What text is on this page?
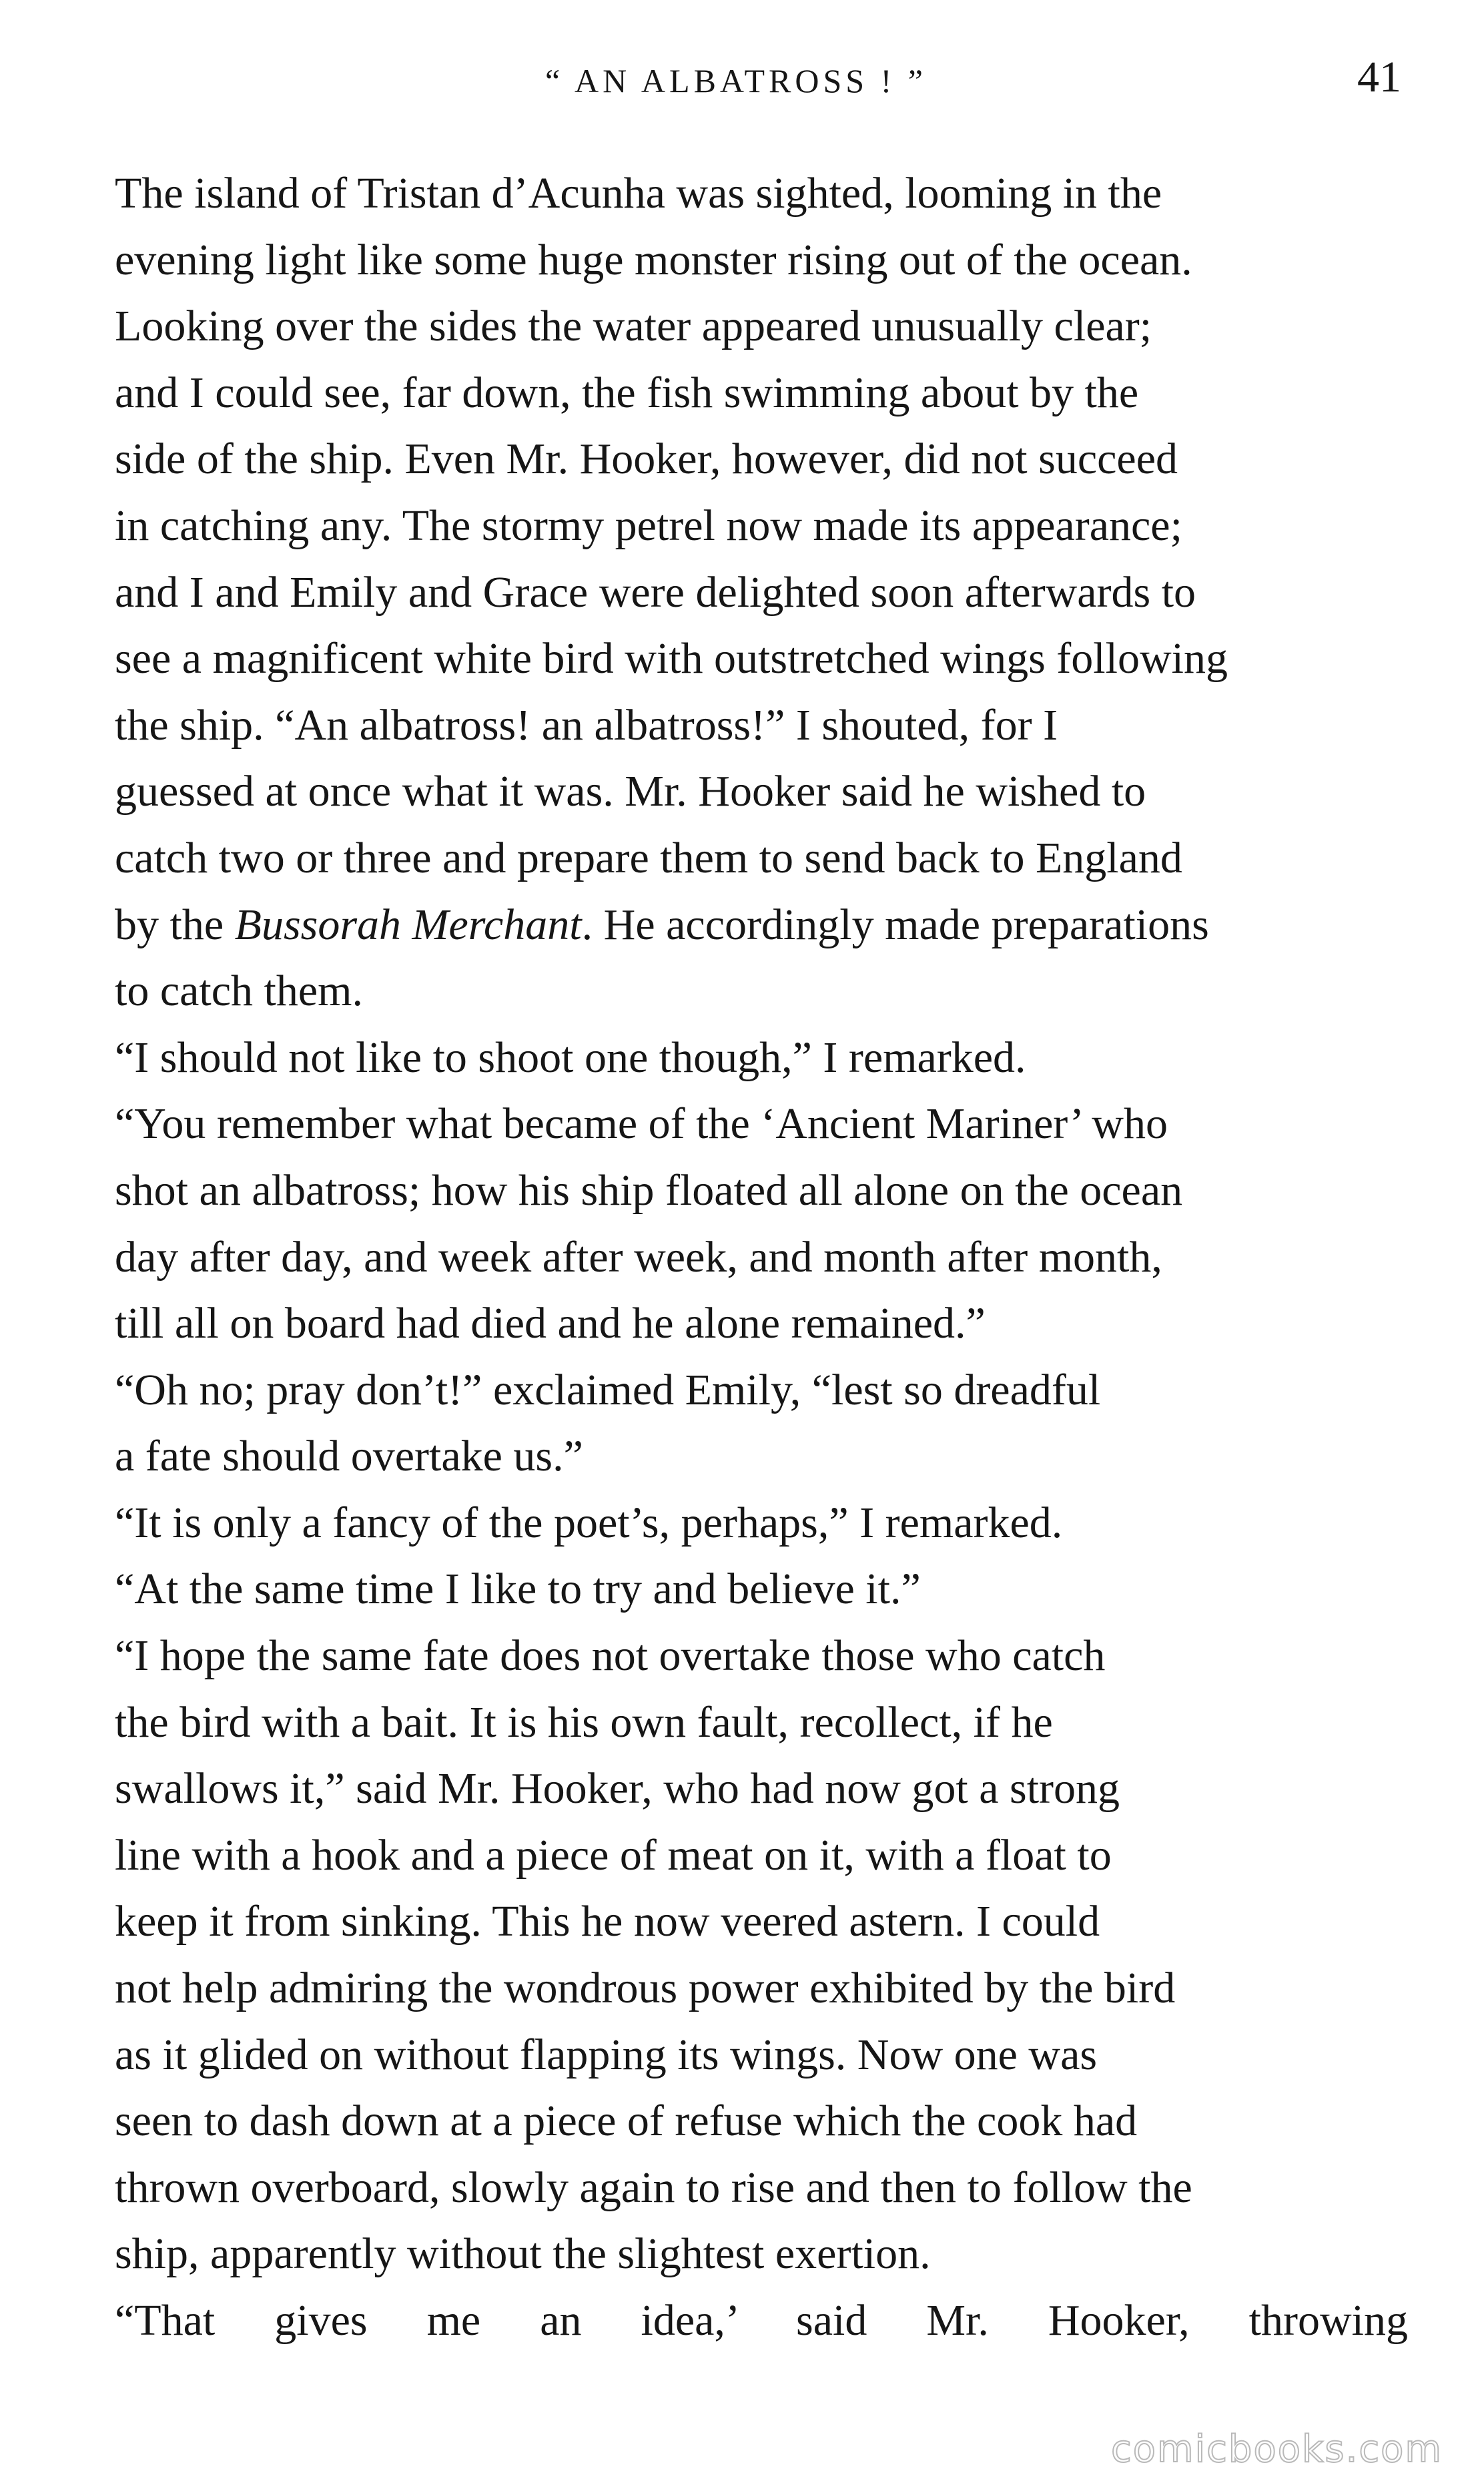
“ AN ALBATROSS ! ”	41

The island of Tristan d’Acunha was sighted, looming in the
evening light like some huge monster rising out of the ocean.
Looking over the sides the water appeared unusually clear;
and I could see, far down, the fish swimming about by the
side of the ship. Even Mr. Hooker, however, did not succeed
in catching any. The stormy petrel now made its appearance;
and I and Emily and Grace were delighted soon afterwards to
see a magnificent white bird with outstretched wings following
the ship. “An albatross! an albatross!” I shouted, for I
guessed at once what it was. Mr. Hooker said he wished to
catch two or three and prepare them to send back to England
by the Bussorah Merchant. He accordingly made preparations
to catch them.

“I should not like to shoot one though,” I remarked.
“You remember what became of the ‘Ancient Mariner’ who
shot an albatross; how his ship floated all alone on the ocean
day after day, and week after week, and month after month,
till all on board had died and he alone remained.”

“Oh no; pray don’t!” exclaimed Emily, “lest so dreadful
a fate should overtake us.”

“It is only a fancy of the poet’s, perhaps,” I remarked.
“At the same time I like to try and believe it.”

“I hope the same fate does not overtake those who catch
the bird with a bait. It is his own fault, recollect, if he
swallows it,” said Mr. Hooker, who had now got a strong
line with a hook and a piece of meat on it, with a float to
keep it from sinking. This he now veered astern. I could
not help admiring the wondrous power exhibited by the bird
as it glided on without flapping its wings. Now one was
seen to dash down at a piece of refuse which the cook had
thrown overboard, slowly again to rise and then to follow the
ship, apparently without the slightest exertion.

“That gives me an idea,’ said Mr. Hooker, throwing

comicbooks.com
